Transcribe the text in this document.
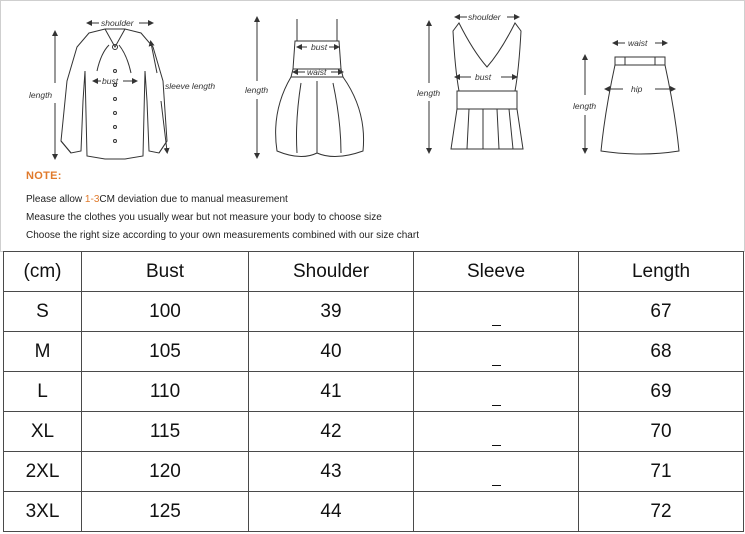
shoulder
bust	sleeve length
length	length
bust
waist
shoulder
length
bust
waist
hip
length
NOTE:
Please allow 1-3CM deviation due to manual measurement
Measure the clothes you usually wear but not measure your body to choose size
Choose the right size according to your own measurements combined with our size chart
(cm)	Bust	Shoulder	Sleeve	Length
S	100	39		67
M	105	40		68
L	110	41		69
XL	115	42		70
2XL	120	43		71
3XL	125	44		72
